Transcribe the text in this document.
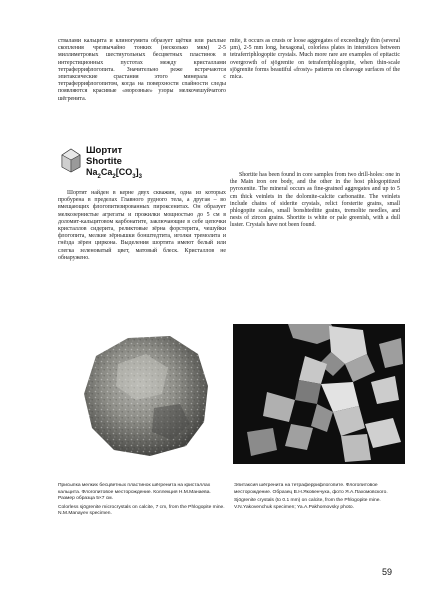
ствалами кальцита и клиногумита образует щётки или рыхлые скопления чрезвычайно тонких (несколько мкм) 2-5 миллиметровых шестиугольных бесцветных пластинок в интерстиционных пустотах между кристаллами тетраферрифлогопита. Значительно реже встречаются эпитаксические срастания этого минерала с тетраферрифлогопитом, когда на поверхности спайности следы появляются красивые «морозные» узоры мелкочешуйчатого шёгренита.

mite, it occurs as crusts or loose aggregates of exceedingly thin (several µm), 2-5 mm long, hexagonal, colorless plates in interstices between tetraferriphlogopite crystals. Much more rare are examples of epitactic overgrowth of sjögrenite on tetraferriphlogopite, when thin-scale sjögrenite forms beautiful «frosty» patterns on cleavage surfaces of the mica.

Шортит
Shortite
$Na_2Ca_2[CO_3]_3$

Шортит найден в керне двух скважин, одна из которых пробурена в пределах Главного рудного тела, а другая – во вмещающих флогопитизированных пироксенитах. Он образует мелкозернистые агрегаты и прожилки мощностью до 5 см в доломит-кальцитовом карбонатите, заключающие в себе цепочки кристаллов сидерита, реликтовые зёрна форстерита, чешуйки флогопита, мелкие зёрнышки бонштедтита, иголки тремолита и гнёзда зёрен циркона. Выделения шортита имеют белый или слегка зеленоватый цвет, матовый блеск. Кристаллов не обнаружено.

Shortite has been found in core samples from two drill-holes: one in the Main iron ore body, and the other in the host phlogopitized pyroxenite. The mineral occurs as fine-grained aggregates and up to 5 cm thick veinlets in the dolomite-calcite carbonatite. The veinlets include chains of siderite crystals, relict forsterite grains, small phlogopite scales, small bonshtedtite grains, tremolite needles, and nests of zircon grains. Shortite is white or pale greenish, with a dull luster. Crystals have not been found.

Присыпка мелких бесцветных пластинок шёгренита на кристаллах кальцита. Флогопитовое месторождение. Коллекция Н.М.Манаева. Размер образца 5×7 см.

Colorless sjögrenite microcrystals on calcite, 7 cm, from the Phlogopite mine. N.M.Manayev specimen.

Эпитаксия шёгренита на тетраферрифлогопите. Флогопитовое месторождение. Образец В.Н.Яковенчука, фото Я.А.Пахомовского.

Sjögrenite crystals (to 0.1 mm) on calcite, from the Phlogopite mine. V.N.Yakovenchuk specimen; Ya.A.Pakhomovsky photo.

59
